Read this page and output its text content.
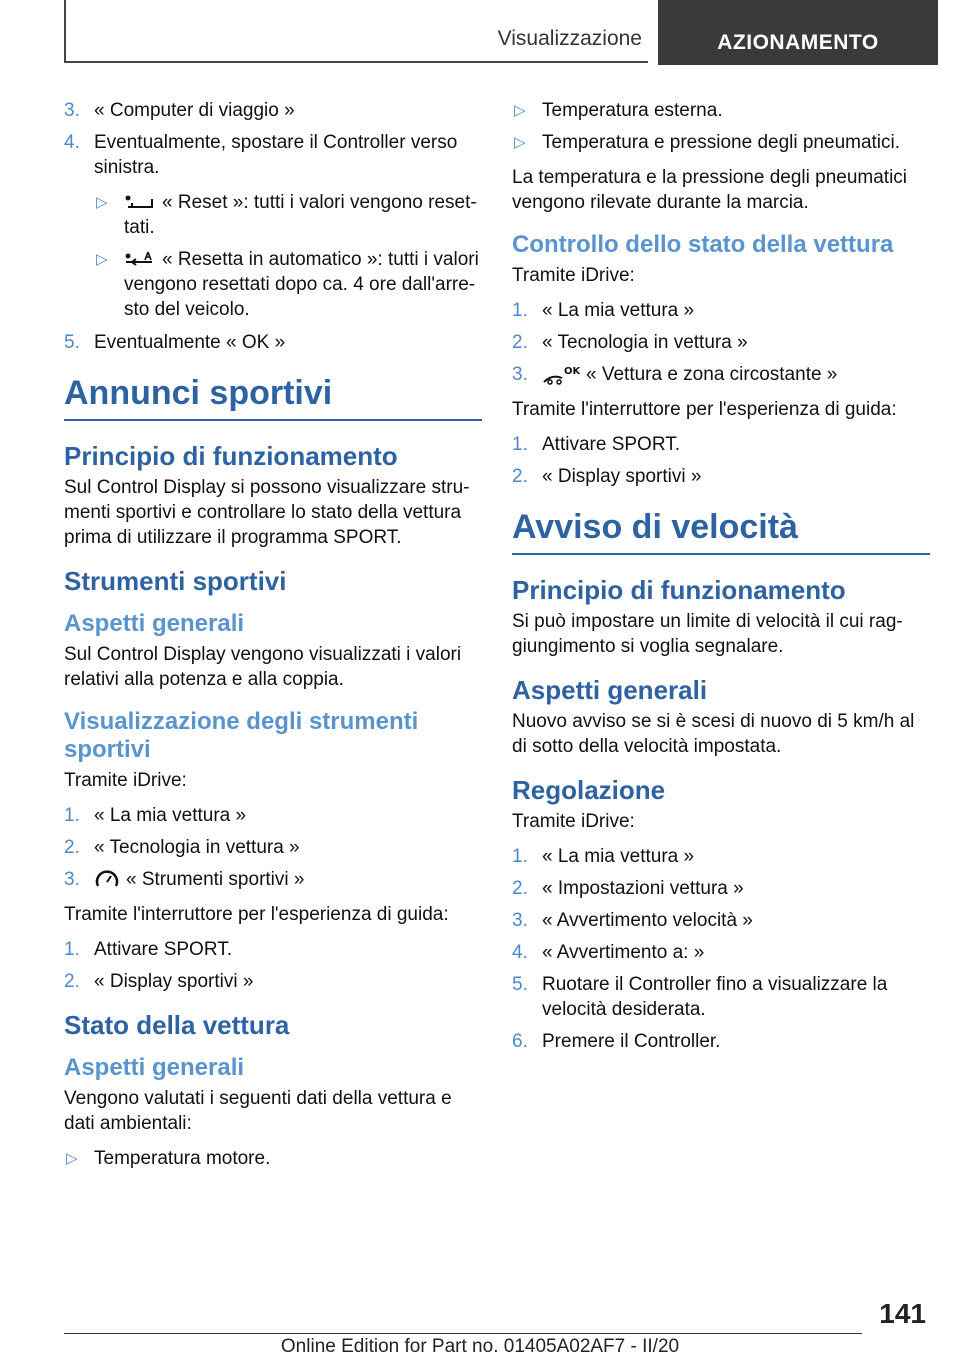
Visualizzazione	AZIONAMENTO
3. « Computer di viaggio »
4. Eventualmente, spostare il Controller verso sinistra.
▷	« Reset »: tutti i valori vengono resettati.
▷	« Resetta in automatico »: tutti i valori vengono resettati dopo ca. 4 ore dall'arresto del veicolo.
5. Eventualmente « OK »
Annunci sportivi
Principio di funzionamento

Sul Control Display si possono visualizzare strumenti sportivi e controllare lo stato della vettura prima di utilizzare il programma SPORT.

Strumenti sportivi
Aspetti generali

Sul Control Display vengono visualizzati i valori relativi alla potenza e alla coppia.

Visualizzazione degli strumenti sportivi

Tramite iDrive:

1. « La mia vettura »
2. « Tecnologia in vettura »
3. « Strumenti sportivi »

Tramite l'interruttore per l'esperienza di guida:

1. Attivare SPORT.
2. « Display sportivi »
Stato della vettura
Aspetti generali

Vengono valutati i seguenti dati della vettura e dati ambientali:

▷ Temperatura motore.
▷ Temperatura esterna.
▷ Temperatura e pressione degli pneumatici.

La temperatura e la pressione degli pneumatici vengono rilevate durante la marcia.

Controllo dello stato della vettura

Tramite iDrive:

1. « La mia vettura »
2. « Tecnologia in vettura »
3.	OK « Vettura e zona circostante »

Tramite l'interruttore per l'esperienza di guida:

1. Attivare SPORT.
2. « Display sportivi »
Avviso di velocità
Principio di funzionamento

Si può impostare un limite di velocità il cui raggiungimento si voglia segnalare.

Aspetti generali

Nuovo avviso se si è scesi di nuovo di 5 km/h al di sotto della velocità impostata.

Regolazione

Tramite iDrive:

1. « La mia vettura »
2. « Impostazioni vettura »
3. « Avvertimento velocità »
4. « Avvertimento a: »
5. Ruotare il Controller fino a visualizzare la velocità desiderata.
6. Premere il Controller.
141
Online Edition for Part no. 01405A02AF7 - II/20
